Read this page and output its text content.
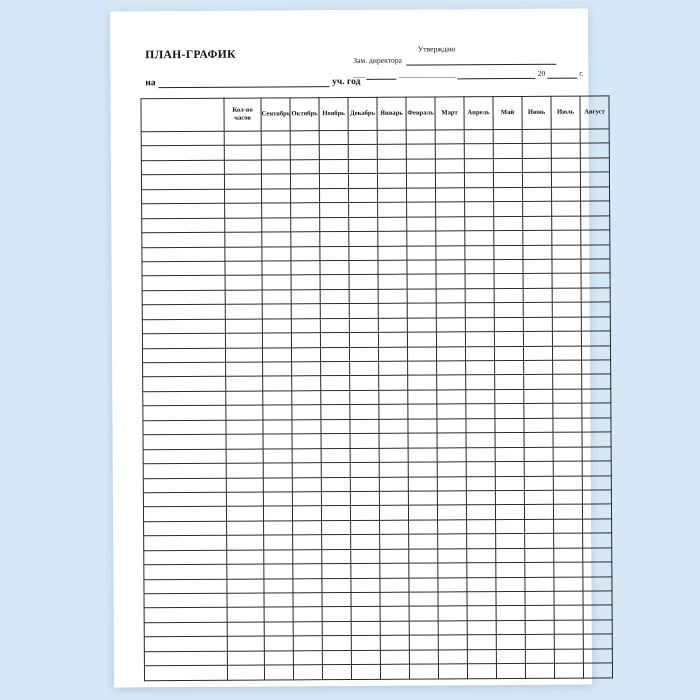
ПЛАН-ГРАФИК	Утверждаю
Зам. директора
___	_______________	20	г.
на	уч. год
	Кол-во часов	Сентябрь	Октябрь	Ноябрь	Декабрь	Январь	Февраль	Март	Апрель	Май	Июнь	Июль	Август
